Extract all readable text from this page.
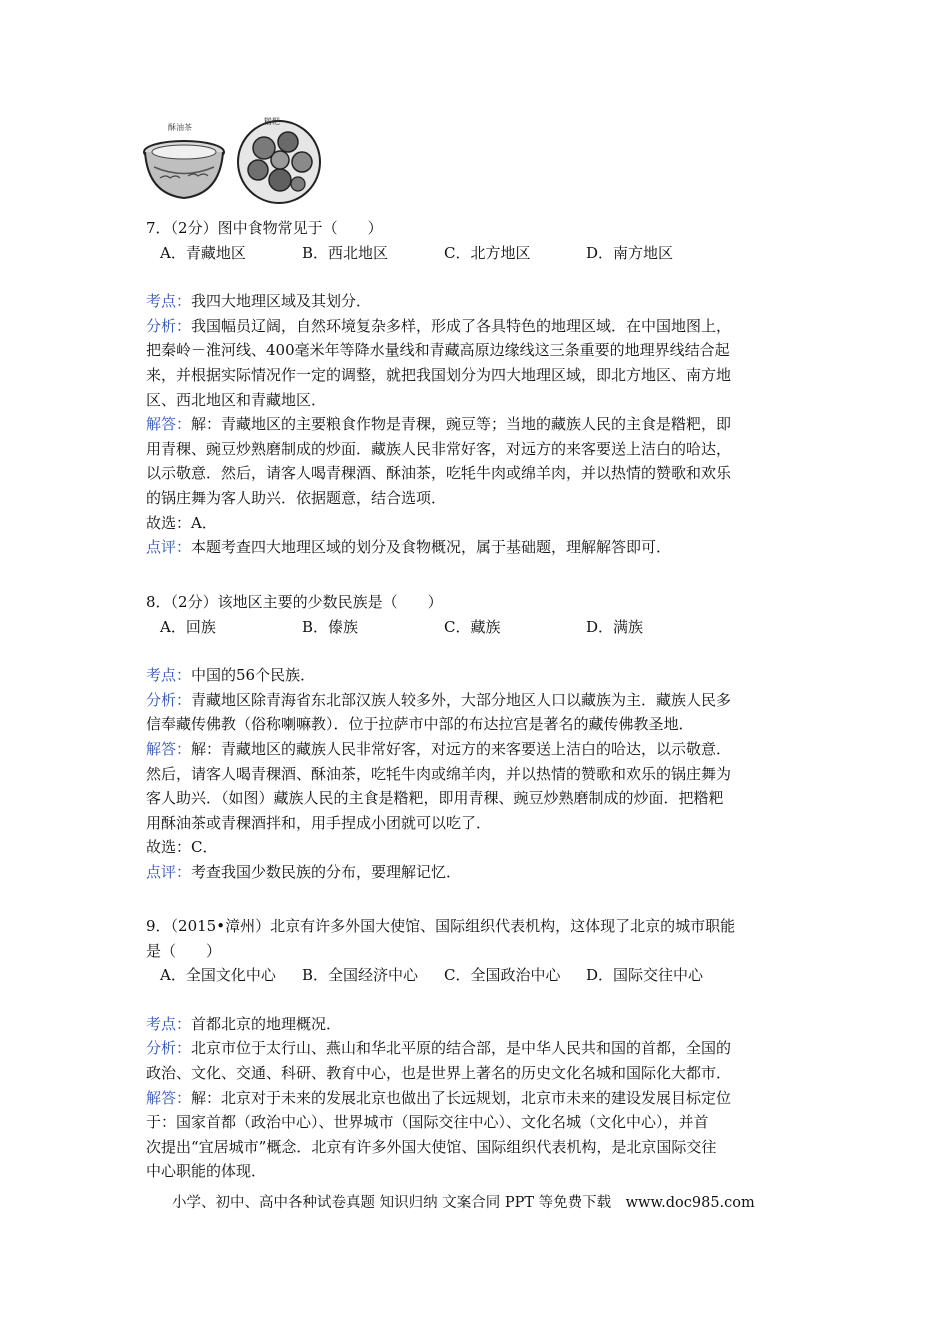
酥油茶
糌粑
7．（2分）图中食物常见于（　　）
A．青藏地区	B．西北地区	C．北方地区	D．南方地区
考点：我四大地理区域及其划分．
分析：我国幅员辽阔，自然环境复杂多样，形成了各具特色的地理区域．在中国地图上，
把秦岭－淮河线、400毫米年等降水量线和青藏高原边缘线这三条重要的地理界线结合起
来，并根据实际情况作一定的调整，就把我国划分为四大地理区域，即北方地区、南方地
区、西北地区和青藏地区．
解答：解：青藏地区的主要粮食作物是青稞，豌豆等；当地的藏族人民的主食是糌粑，即
用青稞、豌豆炒熟磨制成的炒面．藏族人民非常好客，对远方的来客要送上洁白的哈达，
以示敬意．然后，请客人喝青稞酒、酥油茶，吃牦牛肉或绵羊肉，并以热情的赞歌和欢乐
的锅庄舞为客人助兴．依据题意，结合选项．
故选：A．
点评：本题考查四大地理区域的划分及食物概况，属于基础题，理解解答即可．
8．（2分）该地区主要的少数民族是（　　）
A．回族	B．傣族	C．藏族	D．满族
考点：中国的56个民族．
分析：青藏地区除青海省东北部汉族人较多外，大部分地区人口以藏族为主．藏族人民多
信奉藏传佛教（俗称喇嘛教）．位于拉萨市中部的布达拉宫是著名的藏传佛教圣地．
解答：解：青藏地区的藏族人民非常好客，对远方的来客要送上洁白的哈达，以示敬意．
然后，请客人喝青稞酒、酥油茶，吃牦牛肉或绵羊肉，并以热情的赞歌和欢乐的锅庄舞为
客人助兴．（如图）藏族人民的主食是糌粑，即用青稞、豌豆炒熟磨制成的炒面．把糌粑
用酥油茶或青稞酒拌和，用手捏成小团就可以吃了．
故选：C．
点评：考查我国少数民族的分布，要理解记忆．
9．（2015•漳州）北京有许多外国大使馆、国际组织代表机构，这体现了北京的城市职能
是（　　）
A．全国文化中心 B．全国经济中心 C．全国政治中心 D．国际交往中心
考点：首都北京的地理概况．
分析：北京市位于太行山、燕山和华北平原的结合部，是中华人民共和国的首都，全国的
政治、文化、交通、科研、教育中心，也是世界上著名的历史文化名城和国际化大都市．
解答：解：北京对于未来的发展北京也做出了长远规划，北京市未来的建设发展目标定位
于：国家首都（政治中心）、世界城市（国际交往中心）、文化名城（文化中心），并首
次提出“宜居城市”概念．北京有许多外国大使馆、国际组织代表机构，是北京国际交往
中心职能的体现．
小学、初中、高中各种试卷真题 知识归纳 文案合同 PPT 等免费下载　www.doc985.com
